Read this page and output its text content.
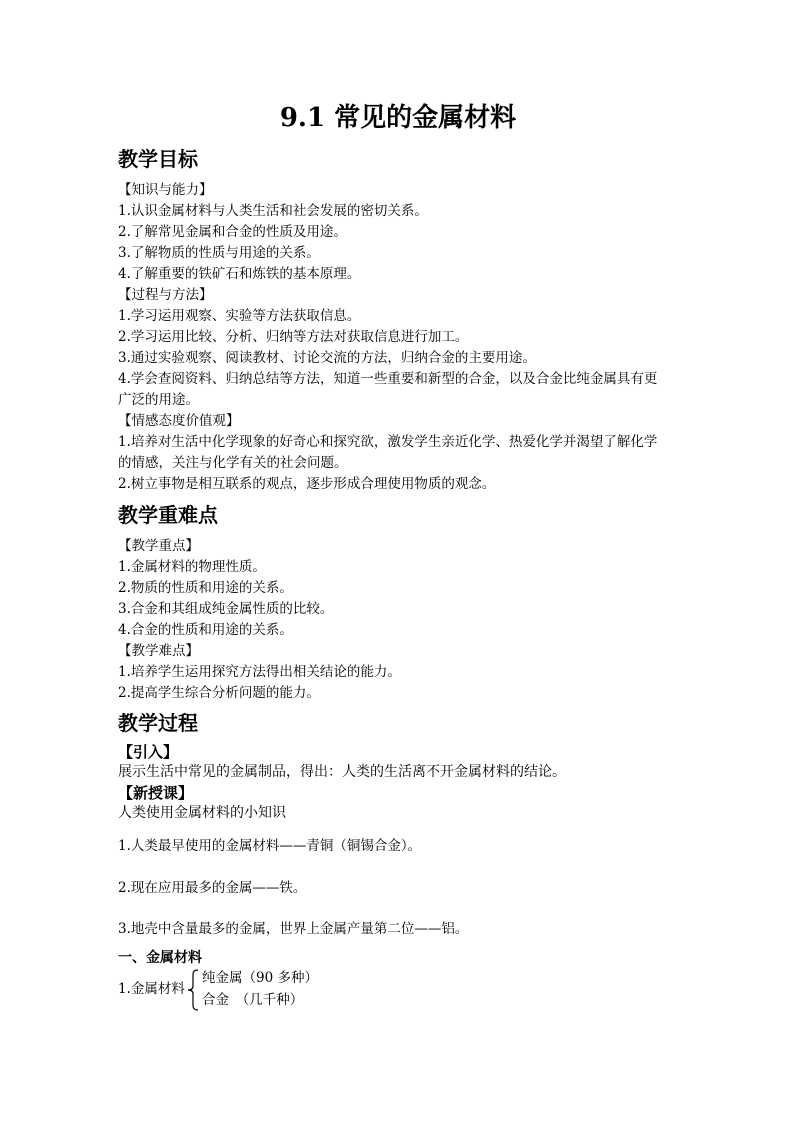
9.1 常见的金属材料
教学目标

【知识与能力】

1.认识金属材料与人类生活和社会发展的密切关系。

2.了解常见金属和合金的性质及用途。

3.了解物质的性质与用途的关系。

4.了解重要的铁矿石和炼铁的基本原理。

【过程与方法】

1.学习运用观察、实验等方法获取信息。

2.学习运用比较、分析、归纳等方法对获取信息进行加工。

3.通过实验观察、阅读教材、讨论交流的方法，归纳合金的主要用途。

4.学会查阅资料、归纳总结等方法，知道一些重要和新型的合金，以及合金比纯金属具有更

广泛的用途。

【情感态度价值观】

1.培养对生活中化学现象的好奇心和探究欲，激发学生亲近化学、热爱化学并渴望了解化学

的情感，关注与化学有关的社会问题。

2.树立事物是相互联系的观点，逐步形成合理使用物质的观念。

教学重难点

【教学重点】

1.金属材料的物理性质。

2.物质的性质和用途的关系。

3.合金和其组成纯金属性质的比较。

4.合金的性质和用途的关系。

【教学难点】

1.培养学生运用探究方法得出相关结论的能力。

2.提高学生综合分析问题的能力。

教学过程

【引入】

展示生活中常见的金属制品，得出：人类的生活离不开金属材料的结论。

【新授课】

人类使用金属材料的小知识

1.人类最早使用的金属材料——青铜（铜锡合金）。

2.现在应用最多的金属——铁。

3.地壳中含量最多的金属，世界上金属产量第二位——铝。

一、金属材料

1.金属材料
纯金属（90 多种）
合金　（几千种）
